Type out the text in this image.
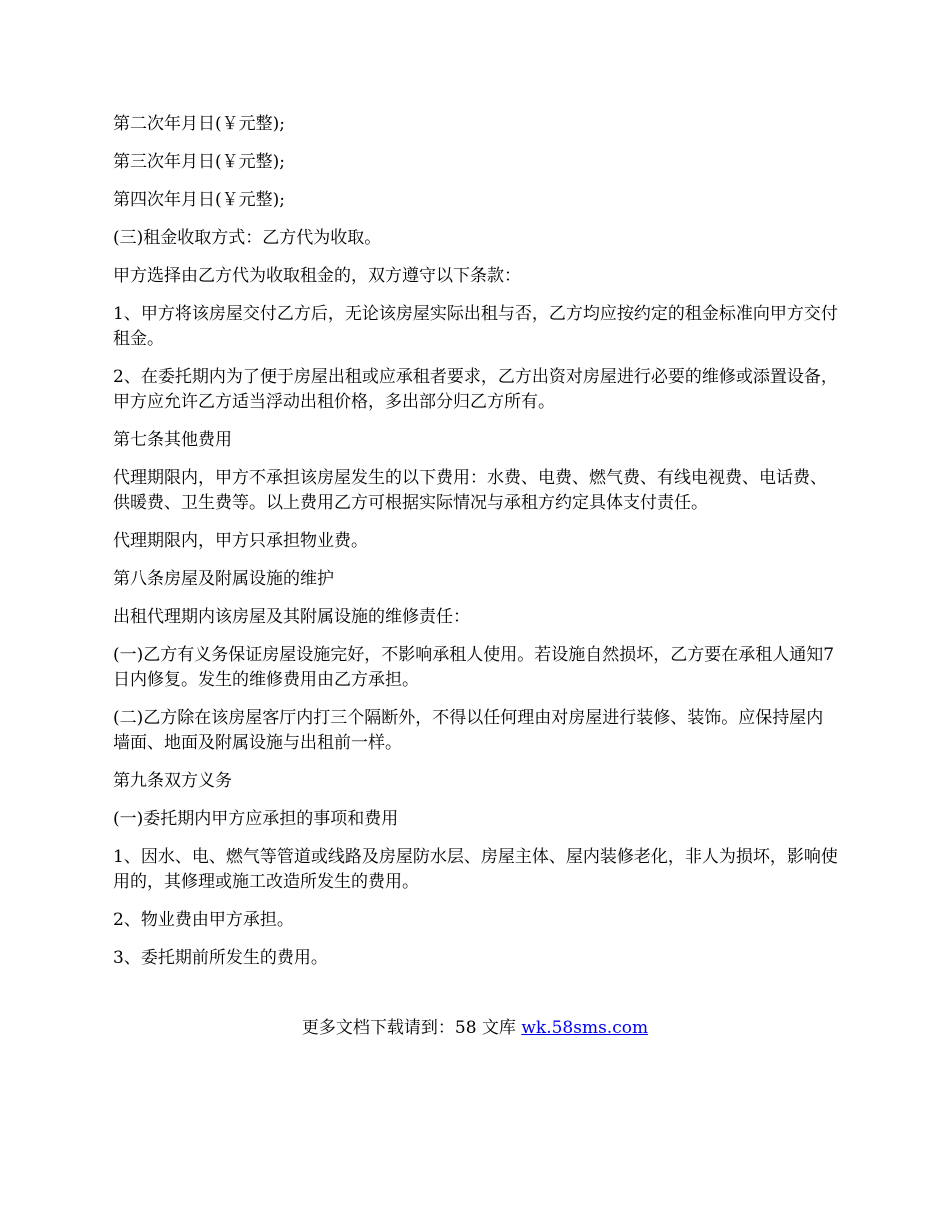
第二次年月日(￥元整);

第三次年月日(￥元整);

第四次年月日(￥元整);

(三)租金收取方式：乙方代为收取。

甲方选择由乙方代为收取租金的，双方遵守以下条款：

1、甲方将该房屋交付乙方后，无论该房屋实际出租与否，乙方均应按约定的租金标准向甲方交付租金。

2、在委托期内为了便于房屋出租或应承租者要求，乙方出资对房屋进行必要的维修或添置设备，甲方应允许乙方适当浮动出租价格，多出部分归乙方所有。

第七条其他费用

代理期限内，甲方不承担该房屋发生的以下费用：水费、电费、燃气费、有线电视费、电话费、供暖费、卫生费等。以上费用乙方可根据实际情况与承租方约定具体支付责任。

代理期限内，甲方只承担物业费。

第八条房屋及附属设施的维护

出租代理期内该房屋及其附属设施的维修责任：

(一)乙方有义务保证房屋设施完好，不影响承租人使用。若设施自然损坏，乙方要在承租人通知7日内修复。发生的维修费用由乙方承担。

(二)乙方除在该房屋客厅内打三个隔断外，不得以任何理由对房屋进行装修、装饰。应保持屋内墙面、地面及附属设施与出租前一样。

第九条双方义务

(一)委托期内甲方应承担的事项和费用

1、因水、电、燃气等管道或线路及房屋防水层、房屋主体、屋内装修老化，非人为损坏，影响使用的，其修理或施工改造所发生的费用。

2、物业费由甲方承担。

3、委托期前所发生的费用。

更多文档下载请到：58 文库 wk.58sms.com
